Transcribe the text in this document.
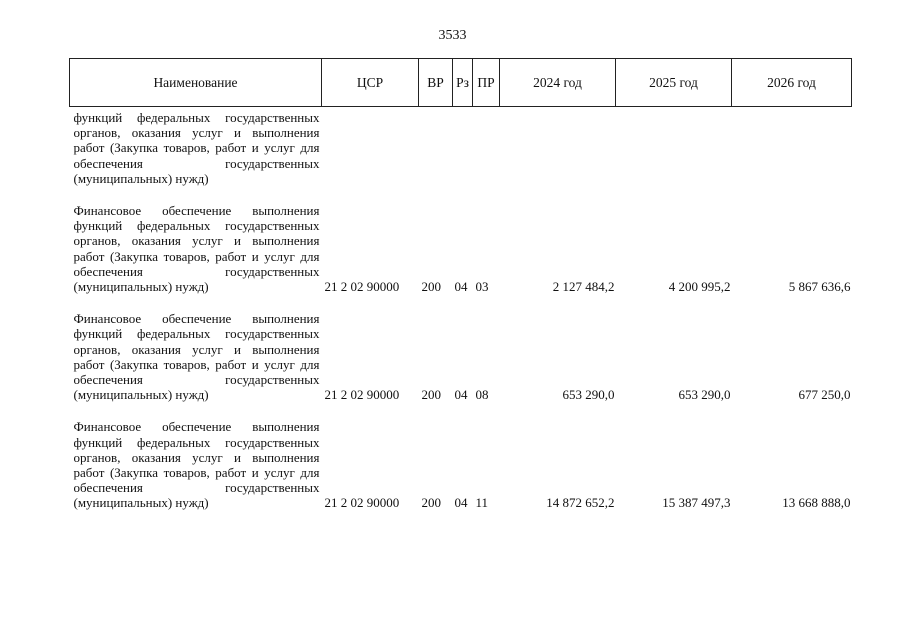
3533
Наименование	ЦСР	ВР	Рз	ПР	2024 год	2025 год	2026 год

функций федеральных государственных органов, оказания услуг и выполнения работ (Закупка товаров, работ и услуг для обеспечения государственных (муниципальных) нужд)							

Финансовое обеспечение выполнения функций федеральных государственных органов, оказания услуг и выполнения работ (Закупка товаров, работ и услуг для обеспечения государственных (муниципальных) нужд)	21 2 02 90000	200	04	03	2 127 484,2	4 200 995,2	5 867 636,6

Финансовое обеспечение выполнения функций федеральных государственных органов, оказания услуг и выполнения работ (Закупка товаров, работ и услуг для обеспечения государственных (муниципальных) нужд)	21 2 02 90000	200	04	08	653 290,0	653 290,0	677 250,0

Финансовое обеспечение выполнения функций федеральных государственных органов, оказания услуг и выполнения работ (Закупка товаров, работ и услуг для обеспечения государственных (муниципальных) нужд)	21 2 02 90000	200	04	11	14 872 652,2	15 387 497,3	13 668 888,0
